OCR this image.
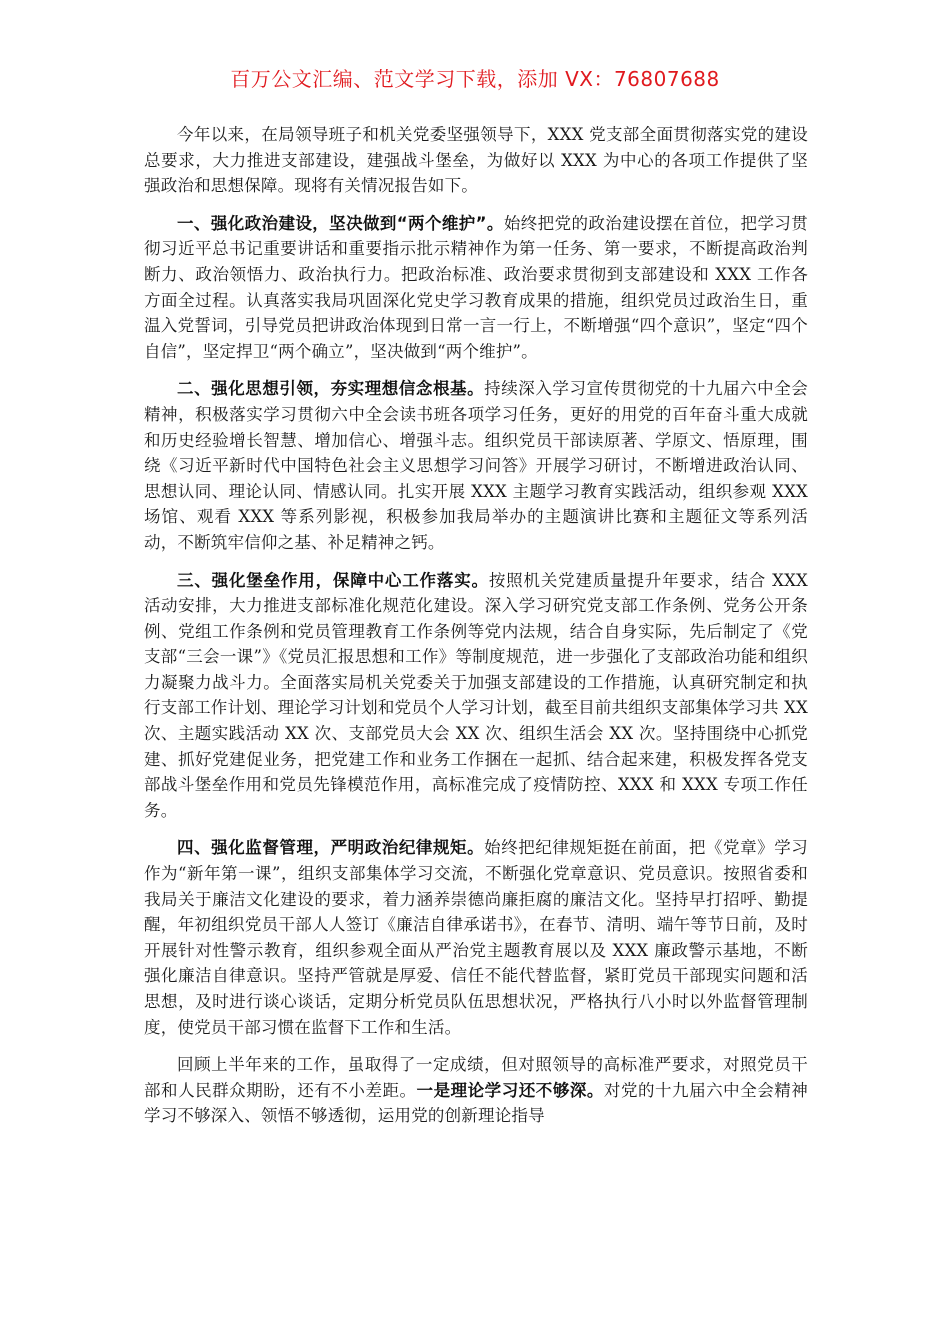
百万公文汇编、范文学习下载，添加 VX：76807688

今年以来，在局领导班子和机关党委坚强领导下，XXX 党支部全面贯彻落实党的建设总要求，大力推进支部建设，建强战斗堡垒，为做好以 XXX 为中心的各项工作提供了坚强政治和思想保障。现将有关情况报告如下。

一、强化政治建设，坚决做到“两个维护”。始终把党的政治建设摆在首位，把学习贯彻习近平总书记重要讲话和重要指示批示精神作为第一任务、第一要求，不断提高政治判断力、政治领悟力、政治执行力。把政治标准、政治要求贯彻到支部建设和 XXX 工作各方面全过程。认真落实我局巩固深化党史学习教育成果的措施，组织党员过政治生日，重温入党誓词，引导党员把讲政治体现到日常一言一行上，不断增强“四个意识”，坚定“四个自信”，坚定捍卫“两个确立”，坚决做到“两个维护”。

二、强化思想引领，夯实理想信念根基。持续深入学习宣传贯彻党的十九届六中全会精神，积极落实学习贯彻六中全会读书班各项学习任务，更好的用党的百年奋斗重大成就和历史经验增长智慧、增加信心、增强斗志。组织党员干部读原著、学原文、悟原理，围绕《习近平新时代中国特色社会主义思想学习问答》开展学习研讨，不断增进政治认同、思想认同、理论认同、情感认同。扎实开展 XXX 主题学习教育实践活动，组织参观 XXX 场馆、观看 XXX 等系列影视，积极参加我局举办的主题演讲比赛和主题征文等系列活动，不断筑牢信仰之基、补足精神之钙。

三、强化堡垒作用，保障中心工作落实。按照机关党建质量提升年要求，结合 XXX 活动安排，大力推进支部标准化规范化建设。深入学习研究党支部工作条例、党务公开条例、党组工作条例和党员管理教育工作条例等党内法规，结合自身实际，先后制定了《党支部“三会一课”》《党员汇报思想和工作》等制度规范，进一步强化了支部政治功能和组织力凝聚力战斗力。全面落实局机关党委关于加强支部建设的工作措施，认真研究制定和执行支部工作计划、理论学习计划和党员个人学习计划，截至目前共组织支部集体学习共 XX 次、主题实践活动 XX 次、支部党员大会 XX 次、组织生活会 XX 次。坚持围绕中心抓党建、抓好党建促业务，把党建工作和业务工作捆在一起抓、结合起来建，积极发挥各党支部战斗堡垒作用和党员先锋模范作用，高标准完成了疫情防控、XXX 和 XXX 专项工作任务。

四、强化监督管理，严明政治纪律规矩。始终把纪律规矩挺在前面，把《党章》学习作为“新年第一课”，组织支部集体学习交流，不断强化党章意识、党员意识。按照省委和我局关于廉洁文化建设的要求，着力涵养崇德尚廉拒腐的廉洁文化。坚持早打招呼、勤提醒，年初组织党员干部人人签订《廉洁自律承诺书》，在春节、清明、端午等节日前，及时开展针对性警示教育，组织参观全面从严治党主题教育展以及 XXX 廉政警示基地，不断强化廉洁自律意识。坚持严管就是厚爱、信任不能代替监督，紧盯党员干部现实问题和活思想，及时进行谈心谈话，定期分析党员队伍思想状况，严格执行八小时以外监督管理制度，使党员干部习惯在监督下工作和生活。

回顾上半年来的工作，虽取得了一定成绩，但对照领导的高标准严要求，对照党员干部和人民群众期盼，还有不小差距。一是理论学习还不够深。对党的十九届六中全会精神学习不够深入、领悟不够透彻，运用党的创新理论指导
